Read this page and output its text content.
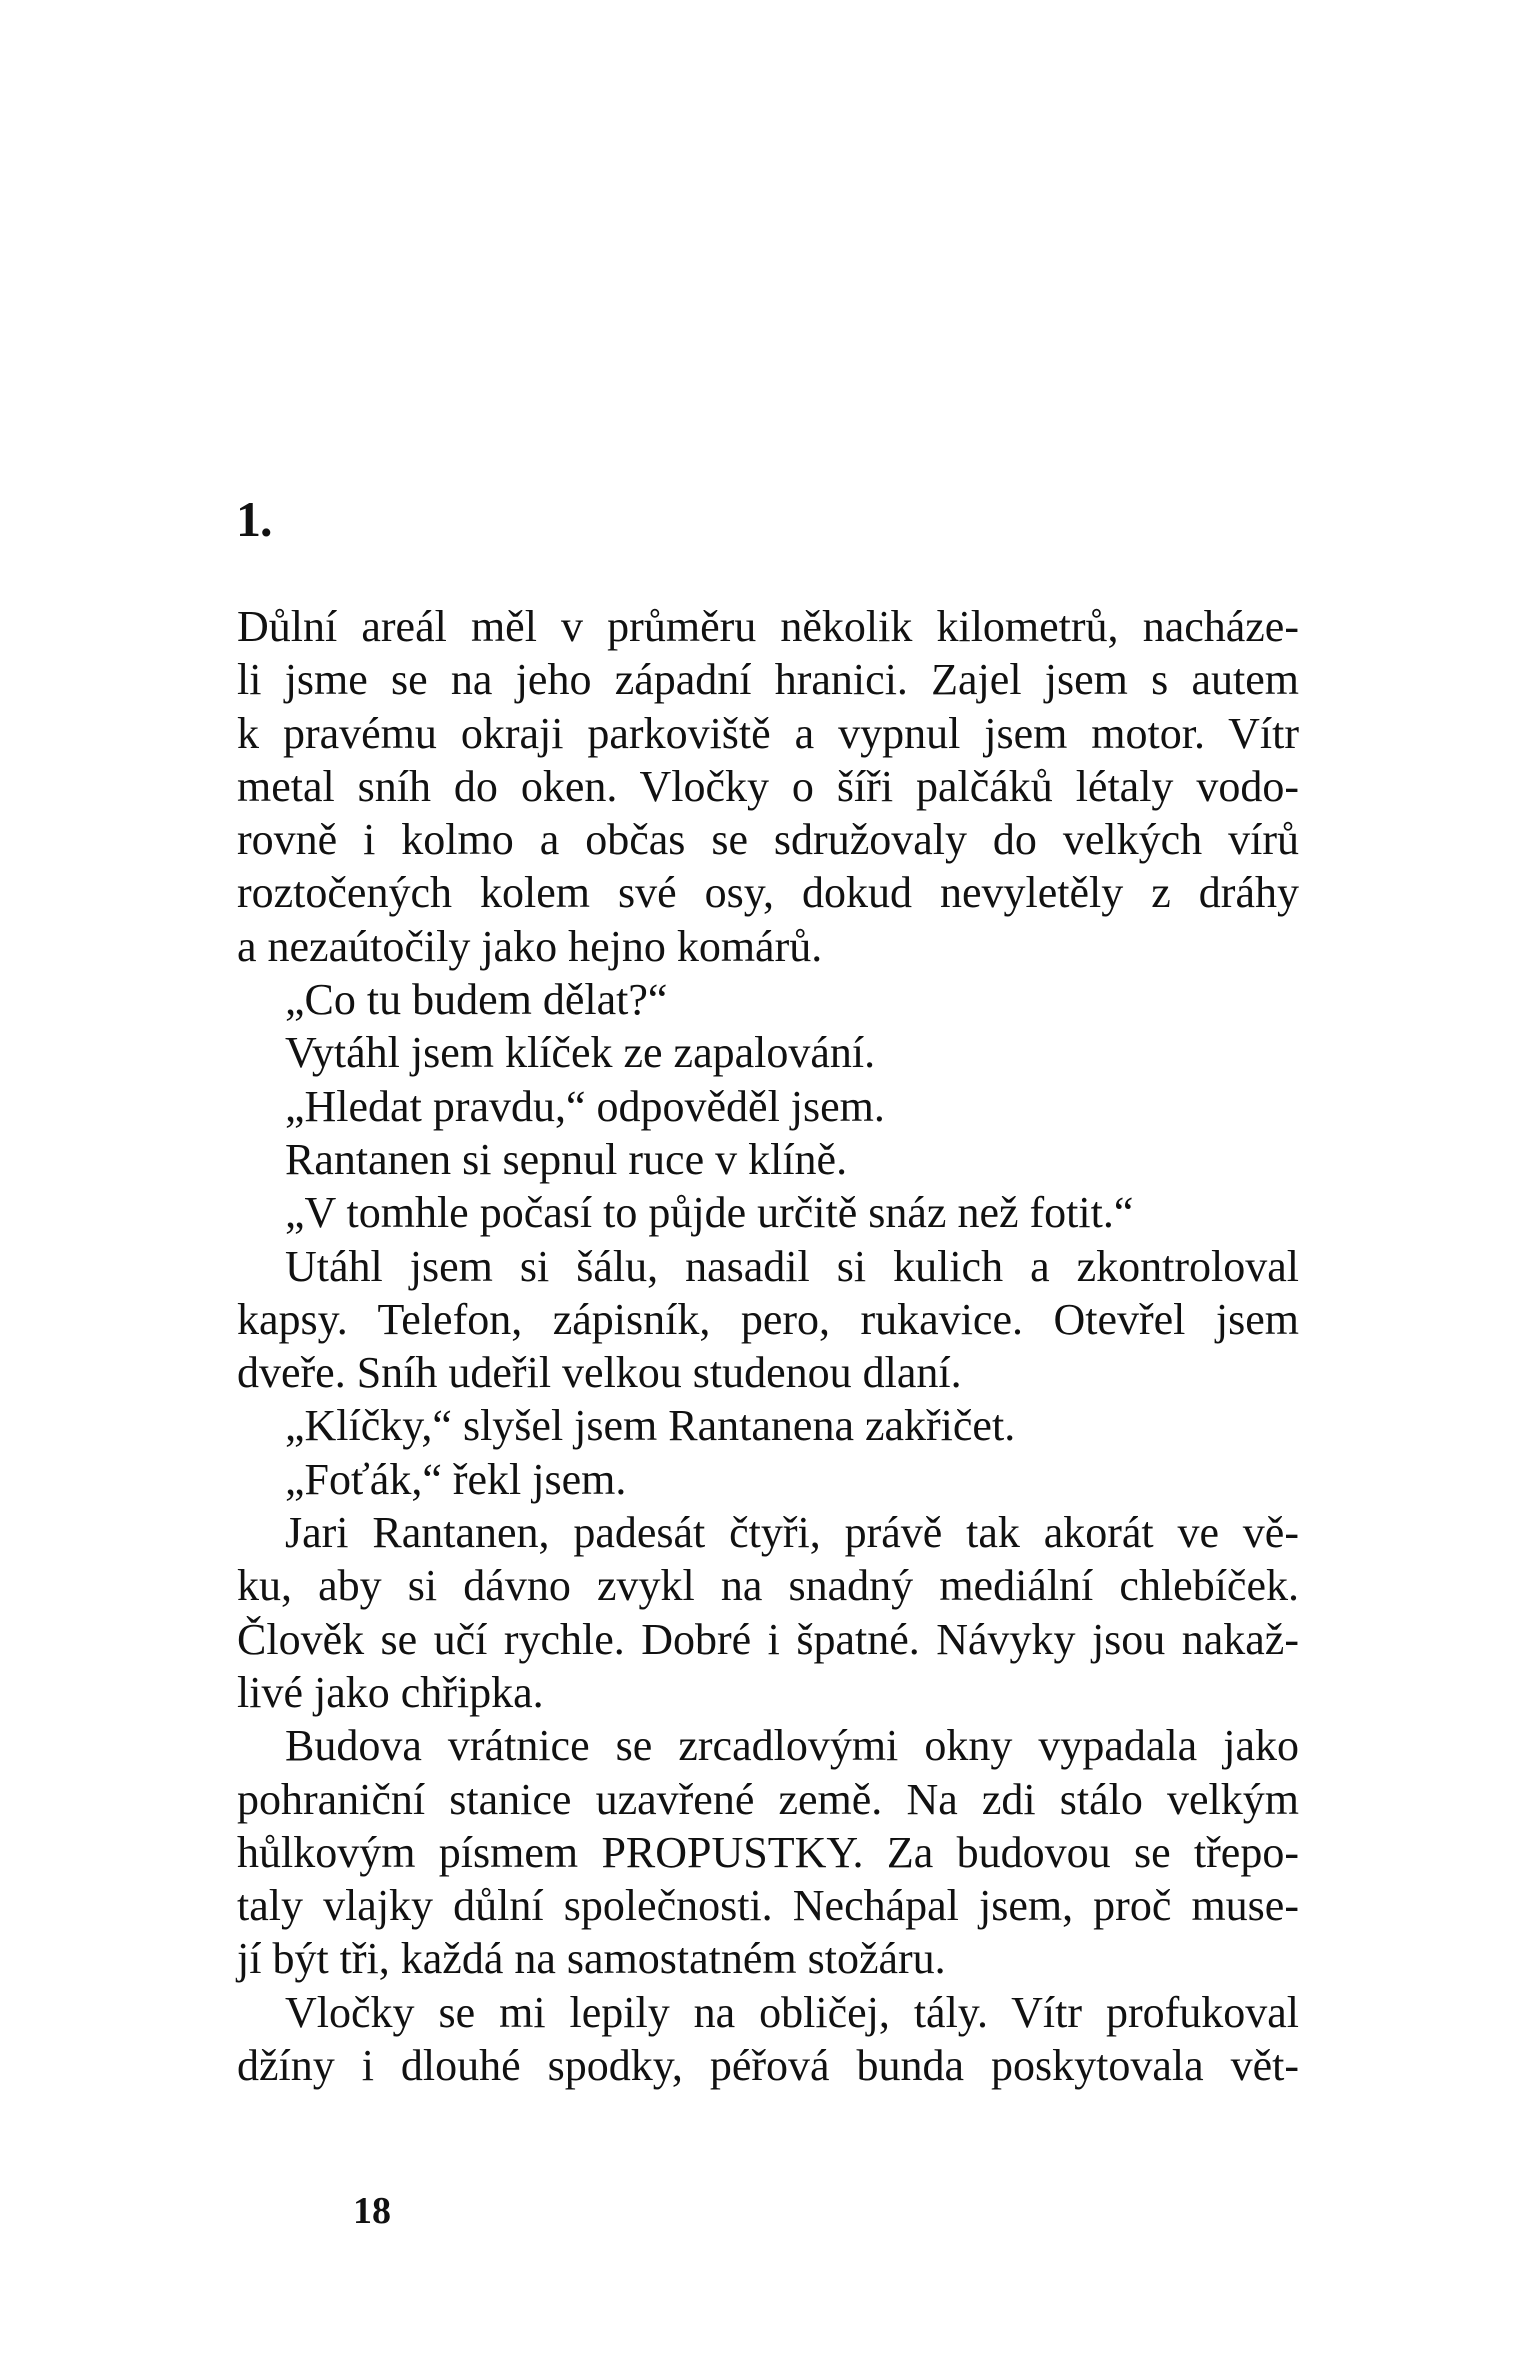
1.
Důlní areál měl v průměru několik kilometrů, nacháze-
li jsme se na jeho západní hranici. Zajel jsem s autem
k pravému okraji parkoviště a vypnul jsem motor. Vítr
metal sníh do oken. Vločky o šíři palčáků létaly vodo-
rovně i kolmo a občas se sdružovaly do velkých vírů
roztočených kolem své osy, dokud nevyletěly z dráhy
a nezaútočily jako hejno komárů.
„Co tu budem dělat?“
Vytáhl jsem klíček ze zapalování.
„Hledat pravdu,“ odpověděl jsem.
Rantanen si sepnul ruce v klíně.
„V tomhle počasí to půjde určitě snáz než fotit.“
Utáhl jsem si šálu, nasadil si kulich a zkontroloval
kapsy. Telefon, zápisník, pero, rukavice. Otevřel jsem
dveře. Sníh udeřil velkou studenou dlaní.
„Klíčky,“ slyšel jsem Rantanena zakřičet.
„Foťák,“ řekl jsem.
Jari Rantanen, padesát čtyři, právě tak akorát ve vě-
ku, aby si dávno zvykl na snadný mediální chlebíček.
Člověk se učí rychle. Dobré i špatné. Návyky jsou nakaž-
livé jako chřipka.
Budova vrátnice se zrcadlovými okny vypadala jako
pohraniční stanice uzavřené země. Na zdi stálo velkým
hůlkovým písmem PROPUSTKY. Za budovou se třepo-
taly vlajky důlní společnosti. Nechápal jsem, proč muse-
jí být tři, každá na samostatném stožáru.
Vločky se mi lepily na obličej, tály. Vítr profukoval
džíny i dlouhé spodky, péřová bunda poskytovala vět-
18
